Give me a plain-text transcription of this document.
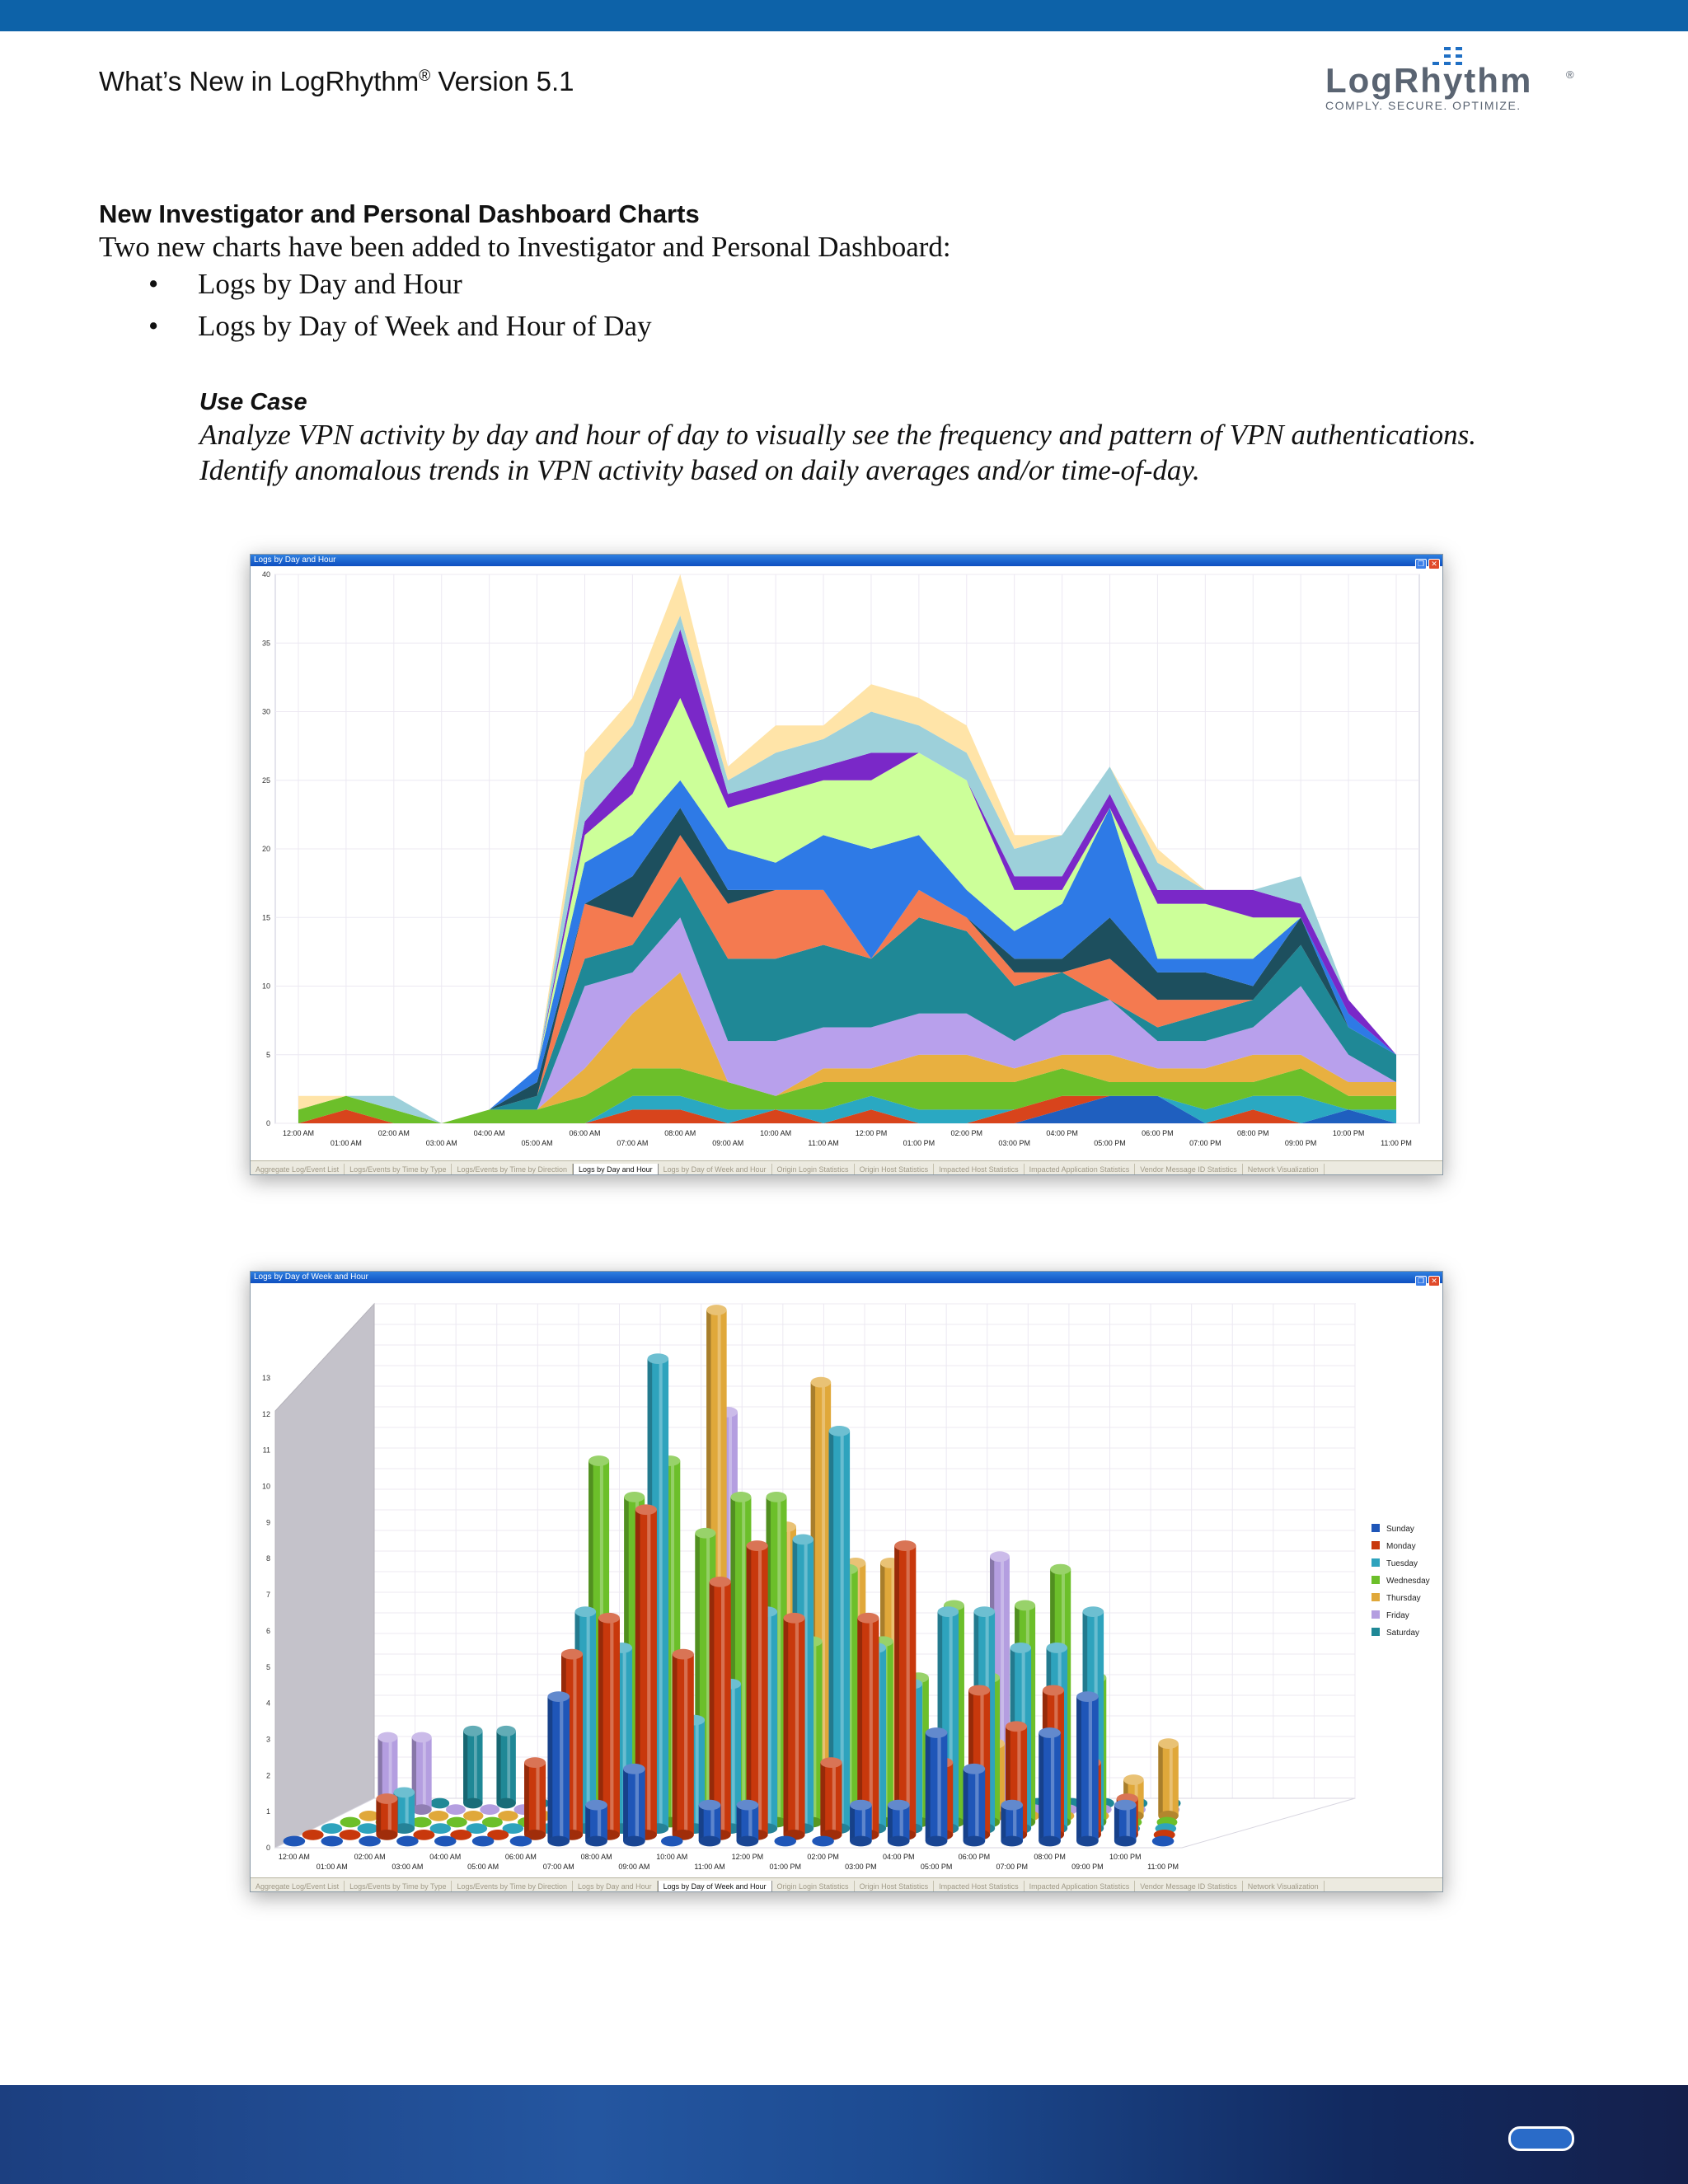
What’s New in LogRhythm® Version 5.1	LogRhythm	®
COMPLY. SECURE. OPTIMIZE.
New Investigator and Personal Dashboard Charts
Two new charts have been added to Investigator and Personal Dashboard:
• Logs by Day and Hour
• Logs by Day of Week and Hour of Day
Use Case
Analyze VPN activity by day and hour of day to visually see the frequency and pattern of VPN authentications.
Identify anomalous trends in VPN activity based on daily averages and/or time-of-day.
Logs by Day and Hour	❐ ✕
0
5
10
15
20
25
30
35
40
12:00 AM
01:00 AM
02:00 AM
03:00 AM
04:00 AM
05:00 AM
06:00 AM
07:00 AM
08:00 AM
09:00 AM
10:00 AM
11:00 AM
12:00 PM
01:00 PM
02:00 PM
03:00 PM
04:00 PM
05:00 PM
06:00 PM
07:00 PM
08:00 PM
09:00 PM
10:00 PM
11:00 PM
Aggregate Log/Event List Logs/Events by Time by Type Logs/Events by Time by Direction Logs by Day and Hour Logs by Day of Week and Hour Origin Login Statistics Origin Host Statistics Impacted Host Statistics Impacted Application Statistics Vendor Message ID Statistics Network Visualization
Logs by Day of Week and Hour	❐ ✕
0
1
2
3
4
5
6
7
8
9
10
11
12
13
12:00 AM
01:00 AM
02:00 AM
03:00 AM
04:00 AM
05:00 AM
06:00 AM
07:00 AM
08:00 AM
09:00 AM
10:00 AM
11:00 AM
12:00 PM
01:00 PM
02:00 PM
03:00 PM
04:00 PM
05:00 PM
06:00 PM
07:00 PM
08:00 PM
09:00 PM
10:00 PM
11:00 PM
Sunday
Monday
Tuesday
Wednesday
Thursday
Friday
Saturday
Aggregate Log/Event List Logs/Events by Time by Type Logs/Events by Time by Direction Logs by Day and Hour Logs by Day of Week and Hour Origin Login Statistics Origin Host Statistics Impacted Host Statistics Impacted Application Statistics Vendor Message ID Statistics Network Visualization
